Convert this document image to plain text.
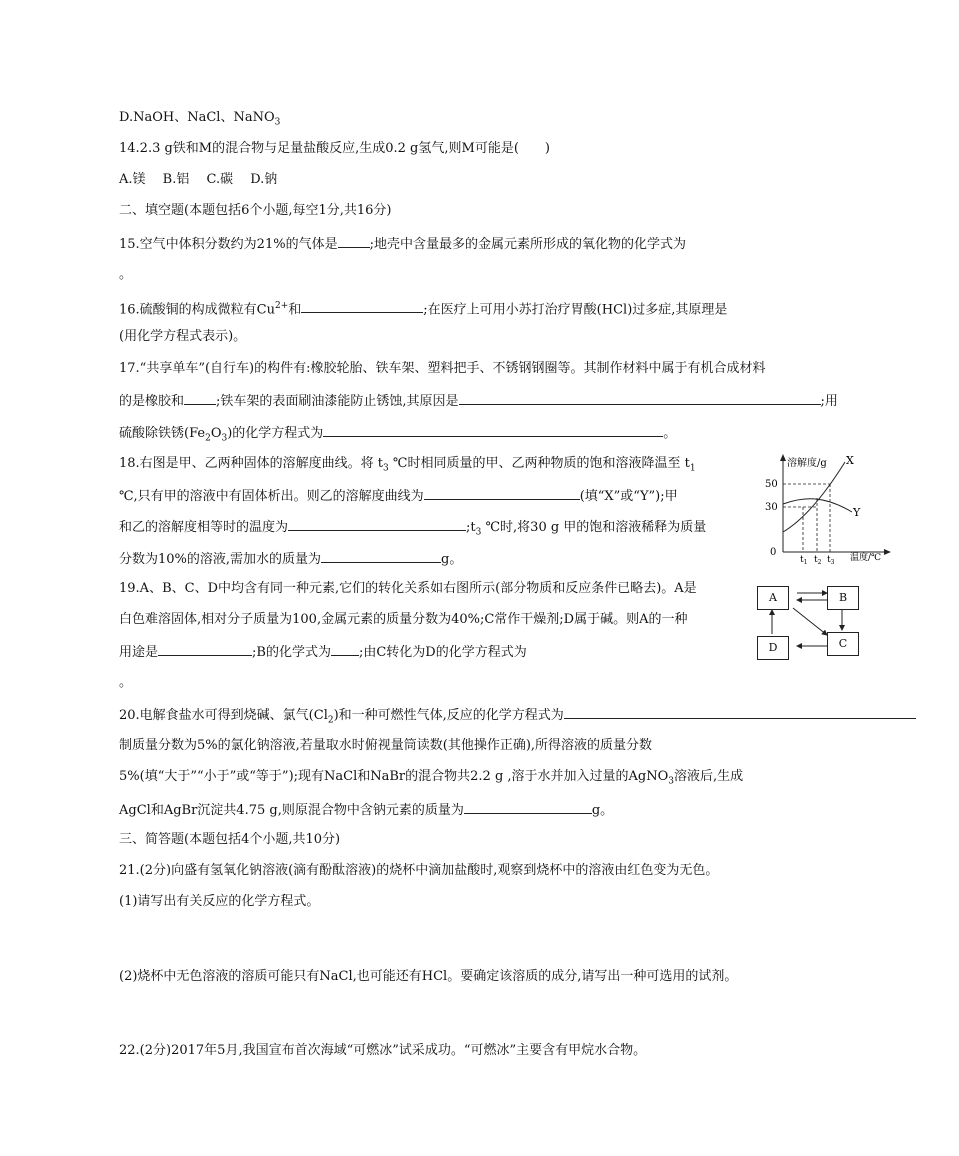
D.NaOH、NaCl、NaNO$_3$
14.2.3 g铁和M的混合物与足量盐酸反应,生成0.2 g氢气,则M可能是(　　)
A.镁　 B.铝　 C.碳　 D.钠
二、填空题(本题包括6个小题,每空1分,共16分)
15.空气中体积分数约为21%的气体是 ;地壳中含量最多的金属元素所形成的氧化物的化学式为
。
16.硫酸铜的构成微粒有$Cu^{2+}$和	;在医疗上可用小苏打治疗胃酸(HCl)过多症,其原理是
(用化学方程式表示)。
17.“共享单车”(自行车)的构件有:橡胶轮胎、铁车架、塑料把手、不锈钢钢圈等。其制作材料中属于有机合成材料
的是橡胶和 ;铁车架的表面刷油漆能防止锈蚀,其原因是	;用
硫酸除铁锈$(Fe_2O_3)$的化学方程式为	。
18.右图是甲、乙两种固体的溶解度曲线。将 $t_3$ ℃时相同质量的甲、乙两种物质的饱和溶液降温至 $t_1$
℃,只有甲的溶液中有固体析出。则乙的溶解度曲线为	(填“X”或“Y”);甲
和乙的溶解度相等时的温度为	$;t_3$ ℃时,将30 g 甲的饱和溶液稀释为质量
分数为10%的溶液,需加水的质量为	g。
溶解度/g
温度/℃
0
50
30
X
Y
$t_1$ $t_2$ $t_3$
19.A、B、C、D中均含有同一种元素,它们的转化关系如右图所示(部分物质和反应条件已略去)。A是
白色难溶固体,相对分子质量为100,金属元素的质量分数为40%;C常作干燥剂;D属于碱。则A的一种
用途是	;B的化学式为 ;由C转化为D的化学方程式为
。
A	B
C
D
20.电解食盐水可得到烧碱、氯气$(Cl_2)$和一种可燃性气体,反应的化学方程式为
制质量分数为5%的氯化钠溶液,若量取水时俯视量筒读数(其他操作正确),所得溶液的质量分数
5%(填“大于”“小于”或“等于”);现有NaCl和NaBr的混合物共2.2 g ,溶于水并加入过量的AgNO$_3$溶液后,生成
AgCl和AgBr沉淀共4.75 g,则原混合物中含钠元素的质量为	g。
三、简答题(本题包括4个小题,共10分)
21.(2分)向盛有氢氧化钠溶液(滴有酚酞溶液)的烧杯中滴加盐酸时,观察到烧杯中的溶液由红色变为无色。
(1)请写出有关反应的化学方程式。
(2)烧杯中无色溶液的溶质可能只有NaCl,也可能还有HCl。要确定该溶质的成分,请写出一种可选用的试剂。
22.(2分)2017年5月,我国宣布首次海域“可燃冰”试采成功。“可燃冰”主要含有甲烷水合物。
